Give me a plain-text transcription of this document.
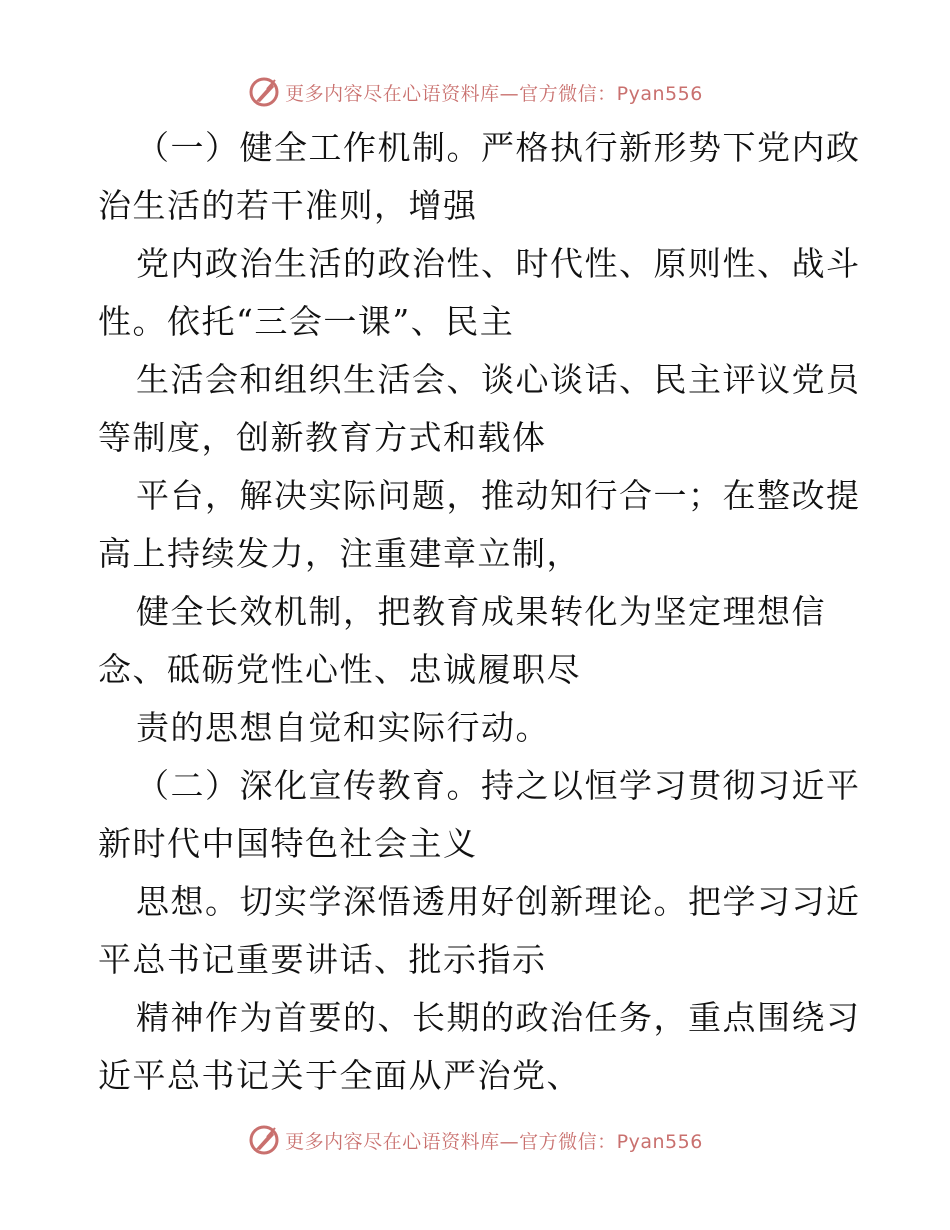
更多内容尽在心语资料库—官方微信：Pyan556
（一）健全工作机制。严格执行新形势下党内政
治生活的若干准则，增强
党内政治生活的政治性、时代性、原则性、战斗
性。依托“三会一课”、民主
生活会和组织生活会、谈心谈话、民主评议党员
等制度，创新教育方式和载体
平台，解决实际问题，推动知行合一；在整改提
高上持续发力，注重建章立制，
健全长效机制，把教育成果转化为坚定理想信
念、砥砺党性心性、忠诚履职尽
责的思想自觉和实际行动。
（二）深化宣传教育。持之以恒学习贯彻习近平
新时代中国特色社会主义
思想。切实学深悟透用好创新理论。把学习习近
平总书记重要讲话、批示指示
精神作为首要的、长期的政治任务，重点围绕习
近平总书记关于全面从严治党、
更多内容尽在心语资料库—官方微信：Pyan556
